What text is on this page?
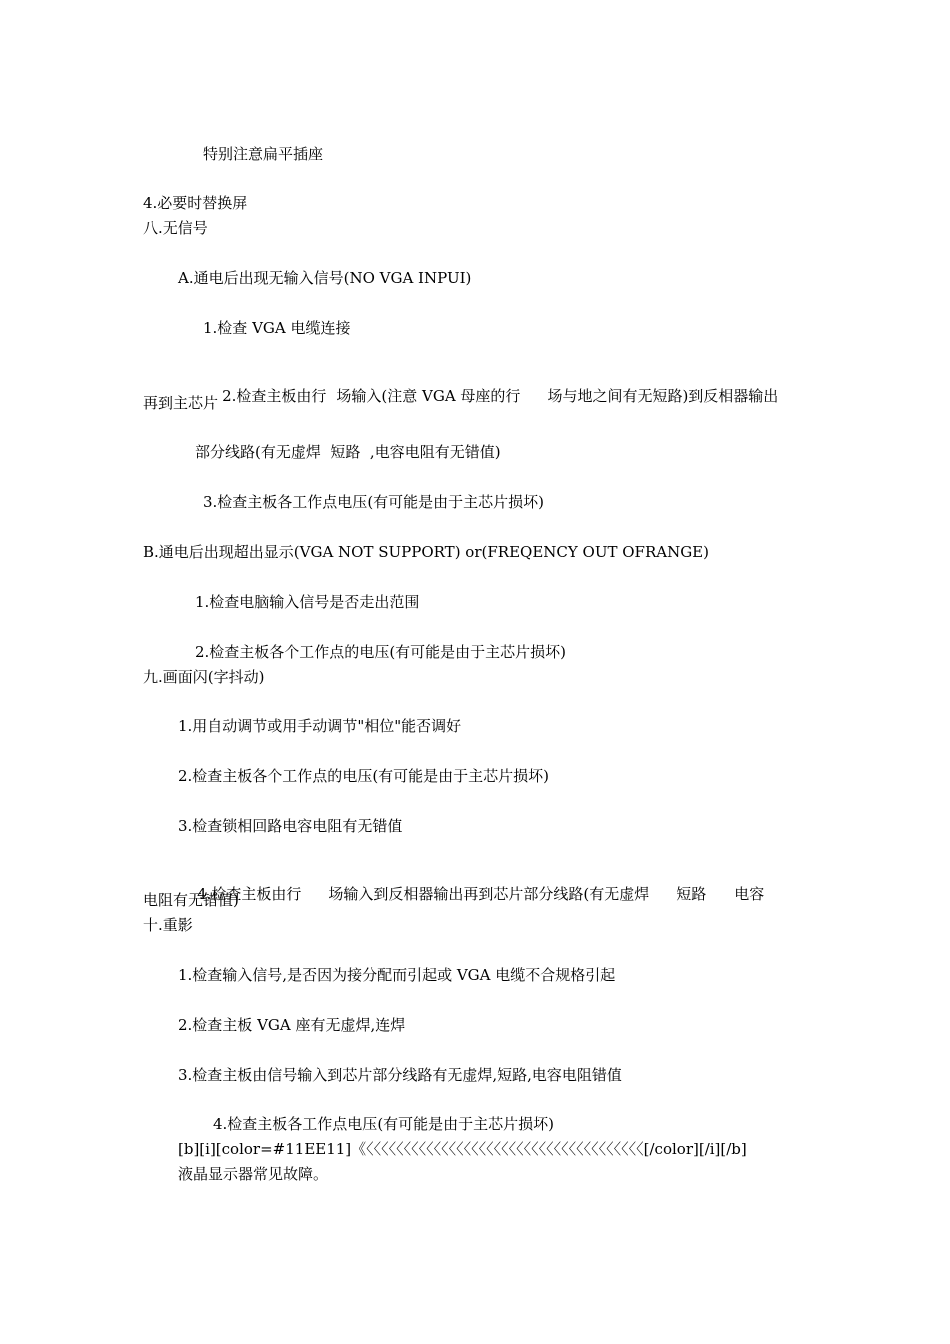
特别注意扁平插座
4.必要时替换屏
八.无信号
A.通电后出现无输入信号(NO VGA INPUI)
1.检查 VGA 电缆连接

2.检查主板由行 场输入(注意 VGA 母座的行 场与地之间有无短路)到反相器输出

再到主芯片
部分线路(有无虚焊  短路  ,电容电阻有无错值)
3.检查主板各工作点电压(有可能是由于主芯片损坏)
B.通电后出现超出显示(VGA NOT SUPPORT) or(FREQENCY OUT OFRANGE)
1.检查电脑输入信号是否走出范围
2.检查主板各个工作点的电压(有可能是由于主芯片损坏)
九.画面闪(字抖动)
1.用自动调节或用手动调节"相位"能否调好
2.检查主板各个工作点的电压(有可能是由于主芯片损坏)
3.检查锁相回路电容电阻有无错值

4.检查主板由行 场输入到反相器输出再到芯片部分线路(有无虚焊 短路 电容

电阻有无错值)
十.重影
1.检查输入信号,是否因为接分配而引起或 VGA 电缆不合规格引起
2.检查主板 VGA 座有无虚焊,连焊
3.检查主板由信号输入到芯片部分线路有无虚焊,短路,电容电阻错值
4.检查主板各工作点电压(有可能是由于主芯片损坏)
[b][i][color=#11EE11]《〈〈〈〈〈〈〈〈〈〈〈〈〈〈〈〈〈〈〈〈〈〈〈〈〈〈〈〈〈〈〈〈〈〈〈〈〈[/color][/i][/b]
液晶显示器常见故障。
